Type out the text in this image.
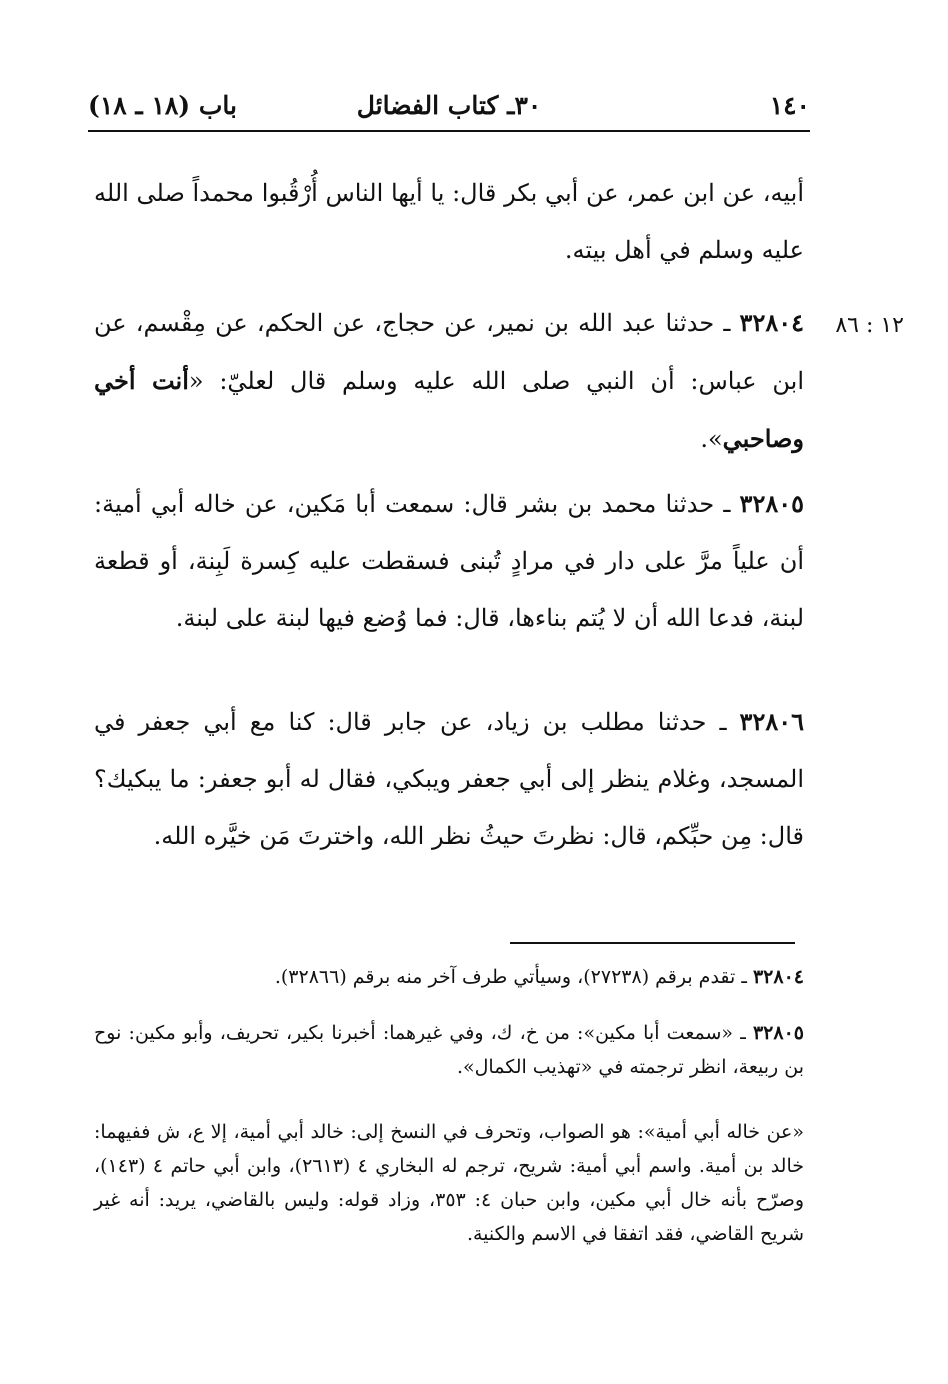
١٤٠
٣٠ـ كتاب الفضائل
باب (١٨ ـ ١٨)
١٢ : ٨٦

أبيه، عن ابن عمر، عن أبي بكر قال: يا أيها الناس أُرْقُبوا محمداً صلى الله عليه وسلم في أهل بيته.

٣٢٨٠٤ ـ حدثنا عبد الله بن نمير، عن حجاج، عن الحكم، عن مِقْسم، عن ابن عباس: أن النبي صلى الله عليه وسلم قال لعليّ: «أنت أخي وصاحبي».

٣٢٨٠٥ ـ حدثنا محمد بن بشر قال: سمعت أبا مَكين، عن خاله أبي أمية: أن علياً مرَّ على دار في مرادٍ تُبنى فسقطت عليه كِسرة لَبِنة، أو قطعة لبنة، فدعا الله أن لا يُتم بناءها، قال: فما وُضع فيها لبنة على لبنة.

٣٢٨٠٦ ـ حدثنا مطلب بن زياد، عن جابر قال: كنا مع أبي جعفر في المسجد، وغلام ينظر إلى أبي جعفر ويبكي، فقال له أبو جعفر: ما يبكيك؟ قال: مِن حبِّكم، قال: نظرتَ حيثُ نظر الله، واخترتَ مَن خيَّره الله.

٣٢٨٠٤ ـ تقدم برقم (٢٧٢٣٨)، وسيأتي طرف آخر منه برقم (٣٢٨٦٦).

٣٢٨٠٥ ـ «سمعت أبا مكين»: من خ، ك، وفي غيرهما: أخبرنا بكير، تحريف، وأبو مكين: نوح بن ربيعة، انظر ترجمته في «تهذيب الكمال».

«عن خاله أبي أمية»: هو الصواب، وتحرف في النسخ إلى: خالد أبي أمية، إلا ع، ش ففيهما: خالد بن أمية. واسم أبي أمية: شريح، ترجم له البخاري ٤ (٢٦١٣)، وابن أبي حاتم ٤ (١٤٣)، وصرّح بأنه خال أبي مكين، وابن حبان ٤: ٣٥٣، وزاد قوله: وليس بالقاضي، يريد: أنه غير شريح القاضي، فقد اتفقا في الاسم والكنية.
